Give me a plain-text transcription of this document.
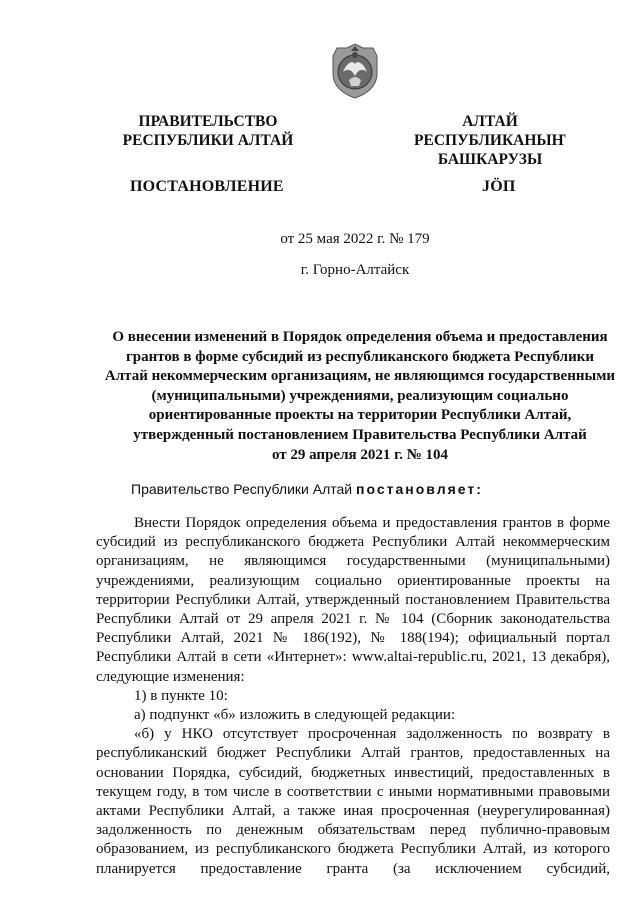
ПРАВИТЕЛЬСТВО
РЕСПУБЛИКИ АЛТАЙ
АЛТАЙ РЕСПУБЛИКАНЫҤ
БАШКАРУЗЫ
ПОСТАНОВЛЕНИЕ	JӦП
от 25 мая 2022 г. № 179
г. Горно-Алтайск
О внесении изменений в Порядок определения объема и предоставления
грантов в форме субсидий из республиканского бюджета Республики
Алтай некоммерческим организациям, не являющимся государственными
(муниципальными) учреждениями, реализующим социально
ориентированные проекты на территории Республики Алтай,
утвержденный постановлением Правительства Республики Алтай
от 29 апреля 2021 г. № 104
Правительство Республики Алтай постановляет:
Внести Порядок определения объема и предоставления грантов в форме
субсидий из республиканского бюджета Республики Алтай некоммерческим
организациям, не являющимся государственными (муниципальными)
учреждениями, реализующим социально ориентированные проекты на
территории Республики Алтай, утвержденный постановлением Правительства
Республики Алтай от 29 апреля 2021 г. № 104 (Сборник законодательства
Республики Алтай, 2021 № 186(192), № 188(194); официальный портал
Республики Алтай в сети «Интернет»: www.altai-republic.ru, 2021, 13 декабря),
следующие изменения:
1) в пункте 10:
а) подпункт «б» изложить в следующей редакции:
«б) у НКО отсутствует просроченная задолженность по возврату в
республиканский бюджет Республики Алтай грантов, предоставленных на
основании Порядка, субсидий, бюджетных инвестиций, предоставленных в
текущем году, в том числе в соответствии с иными нормативными правовыми
актами Республики Алтай, а также иная просроченная (неурегулированная)
задолженность по денежным обязательствам перед публично-правовым
образованием, из республиканского бюджета Республики Алтай, из которого
планируется предоставление гранта (за исключением субсидий,
